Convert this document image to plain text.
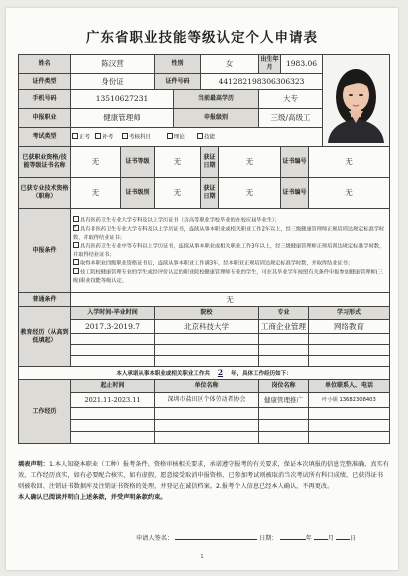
广东省职业技能等级认定个人申请表
姓名	陈汉营		性别		女		出生年月	1983.06	
证件类型	身份证		证件号码		441282198306306323					
手机号码	13510627231			当前最高学历			大专			
申报职业	健康管理师			申报级别			三级/高级工			
考试类型	正考 补考 考核科目 理论 技能									
已获职业资格/技能等级证书名称	无	证书等级	无		获证日期	无		证书编号	无	
已获专业技术资格（职称）	无	证书级别	无		获证日期	无		证书编号	无	
申报条件	具有医药卫生专业大学专科及以上学历证书（含高等职业学校毕业的在校应届毕业生）；
✓具有非医药卫生专业大学专科及以上学历证书，连续从事本职业或相关职业工作2年以上，经三级健康管理师正规培训达规定标准学时数，并取得结业证书；
具有医药卫生专业中等专科以上学历证书，连续从事本职业或相关职业工作3年以上，经三级健康管理师正规培训达规定标准学时数，并取得结业证书；
取得本职业四级职业资格证书后，连续从事本职业工作满3年，经本职业正规培训达规定标准学时数，并取得结业证书；
技工院校健康管理专业的学生或经评价认定的职业院校健康管理师专业的学生，可在其毕业学年按照有关条件申报参加健康管理师(三级)职业技能等级认定。

普通条件	无									
教育经历（从高到低填起）	入学时间-毕业时间		院校				专业		学习形式	
	2017.3-2019.7		北京科技大学				工商企业管理		网络教育	

本人承诺从事本职业或相关职业工作共 2 年，具体工作经历如下：										
工作经历	起止时间		单位名称				岗位名称		单位联系人、电话	
	2021.11-2023.11		深圳市盐田区个体劳动者协会				健康管理推广		叶小姐 13682308403	

填表声明：1.本人知晓本职业（工种）报考条件、资格审核相关要求，承诺遵守报考的有关要求，保证本次填报的信息完整准确、真实有效，工作经历真实，如有必要配合核实，如有虚假，愿意接受取消申报资格、已参加考试则被取消当次考试所有科目成绩、已获得证书则被收回、注销证书数据库及注销证书资格的处理，并登记在诚信档案。2.报考个人信息已经本人确认，不再更改。
本人确认已阅读并明白上述条款，并受声明条款约束。
申请人签名：	日期：	年	月	日
1
